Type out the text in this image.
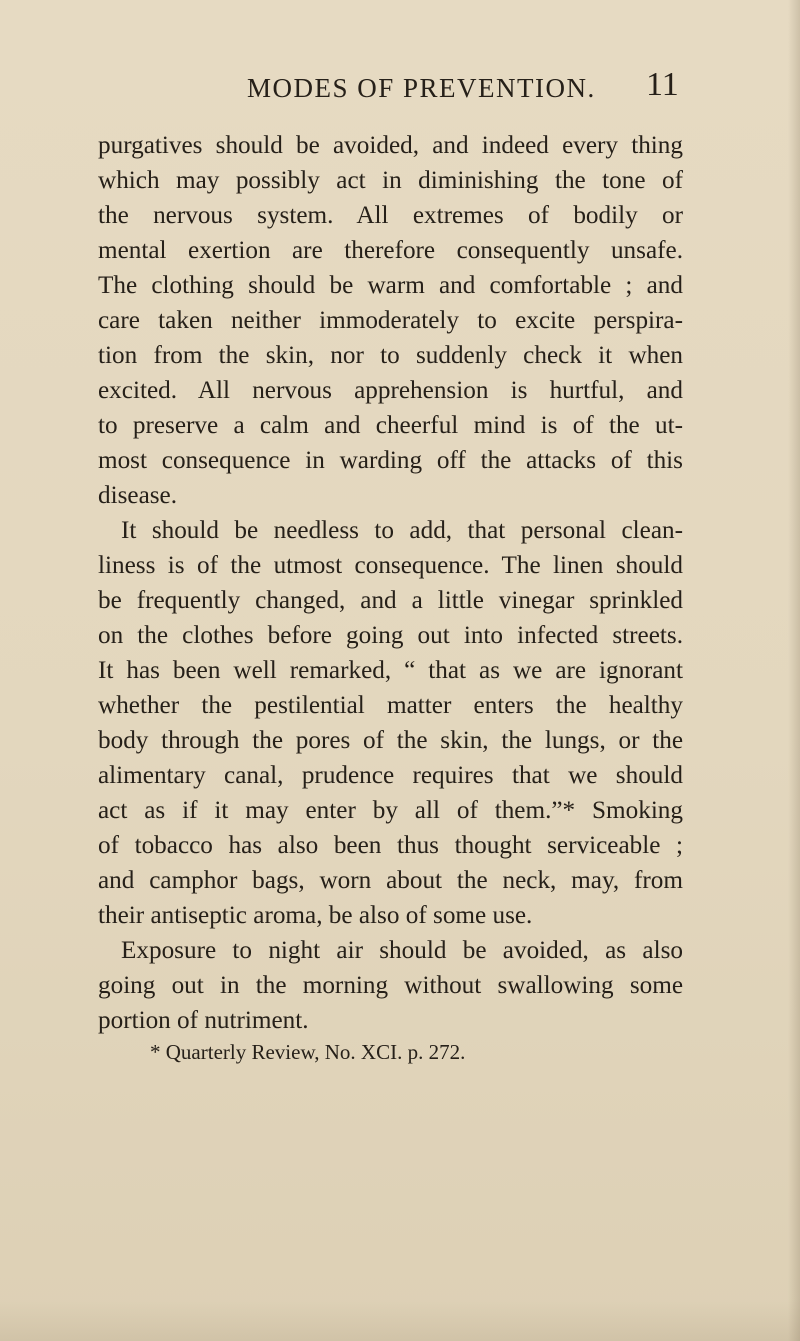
MODES OF PREVENTION. 11
purgatives should be avoided, and indeed every thing
which may possibly act in diminishing the tone of
the nervous system. All extremes of bodily or
mental exertion are therefore consequently unsafe.
The clothing should be warm and comfortable ; and
care taken neither immoderately to excite perspira-
tion from the skin, nor to suddenly check it when
excited. All nervous apprehension is hurtful, and
to preserve a calm and cheerful mind is of the ut-
most consequence in warding off the attacks of this
disease.
It should be needless to add, that personal clean-
liness is of the utmost consequence. The linen should
be frequently changed, and a little vinegar sprinkled
on the clothes before going out into infected streets.
It has been well remarked, “ that as we are ignorant
whether the pestilential matter enters the healthy
body through the pores of the skin, the lungs, or the
alimentary canal, prudence requires that we should
act as if it may enter by all of them.”* Smoking
of tobacco has also been thus thought serviceable ;
and camphor bags, worn about the neck, may, from
their antiseptic aroma, be also of some use.
Exposure to night air should be avoided, as also
going out in the morning without swallowing some
portion of nutriment.
* Quarterly Review, No. XCI. p. 272.
